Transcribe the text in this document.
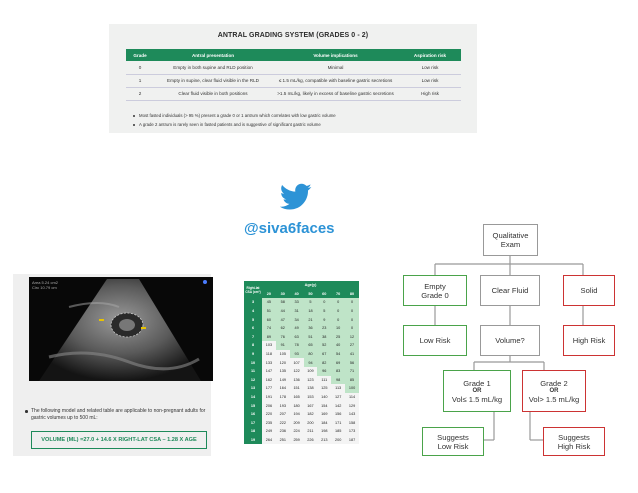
ANTRAL GRADING SYSTEM (GRADES 0 - 2)
Grade	Antral presentation	Volume implications	Aspiration risk
0	Empty in both supine and RLD position	Minimal	Low risk
1	Empty in supine, clear fluid visible in the RLD	≤ 1.5 mL/kg, compatible with baseline gastric secretions	Low risk
2	Clear fluid visible in both positions	>1.5 mL/kg, likely in excess of baseline gastric secretions	High risk
Most fasted individuals (> 95 %) present a grade 0 or 1 antrum which correlates with low gastric volume
A grade 2 antrum is rarely seen in fasted patients and is suggestive of significant gastric volume
@siva6faces
Area 5.24 cm2
Circ 10.79 cm
The following model and related table are applicable to non-pregnant adults for gastric volumes up to 500 mL:
VOLUME (ML) =27.0 + 14.6 X RIGHT-LAT CSA – 1.28 X AGE
Right-lat CSA (cm²)	Age(y)						
	20	30	40	50	60	70	80
3	45	58	33	5	0	0	0
4	51	44	31	18	5	0	0
5	60	47	34	21	9	0	0
6	74	62	49	36	23	10	0
7	89	76	63	51	38	25	12
8	103	91	78	65	52	40	27
9	118	105	93	80	67	54	41
10	133	120	107	94	82	69	56
11	147	135	122	109	96	83	71
12	162	149	136	123	111	98	85
13	177	164	151	138	125	113	100
14	191	178	165	153	140	127	114
15	206	193	180	167	154	142	129
16	220	207	194	182	169	156	143
17	235	222	209	200	184	171	158
18	249	236	224	211	198	185	173
19	264	251	259	226	213	200	187
Qualitative Exam
Empty
Grade 0	Clear Fluid	Solid
Low Risk	Volume?	High Risk
Grade 1
OR
Vol≤ 1.5 mL/kg
Grade 2
OR
Vol> 1.5 mL/kg
Suggests
Low Risk
Suggests
High Risk
